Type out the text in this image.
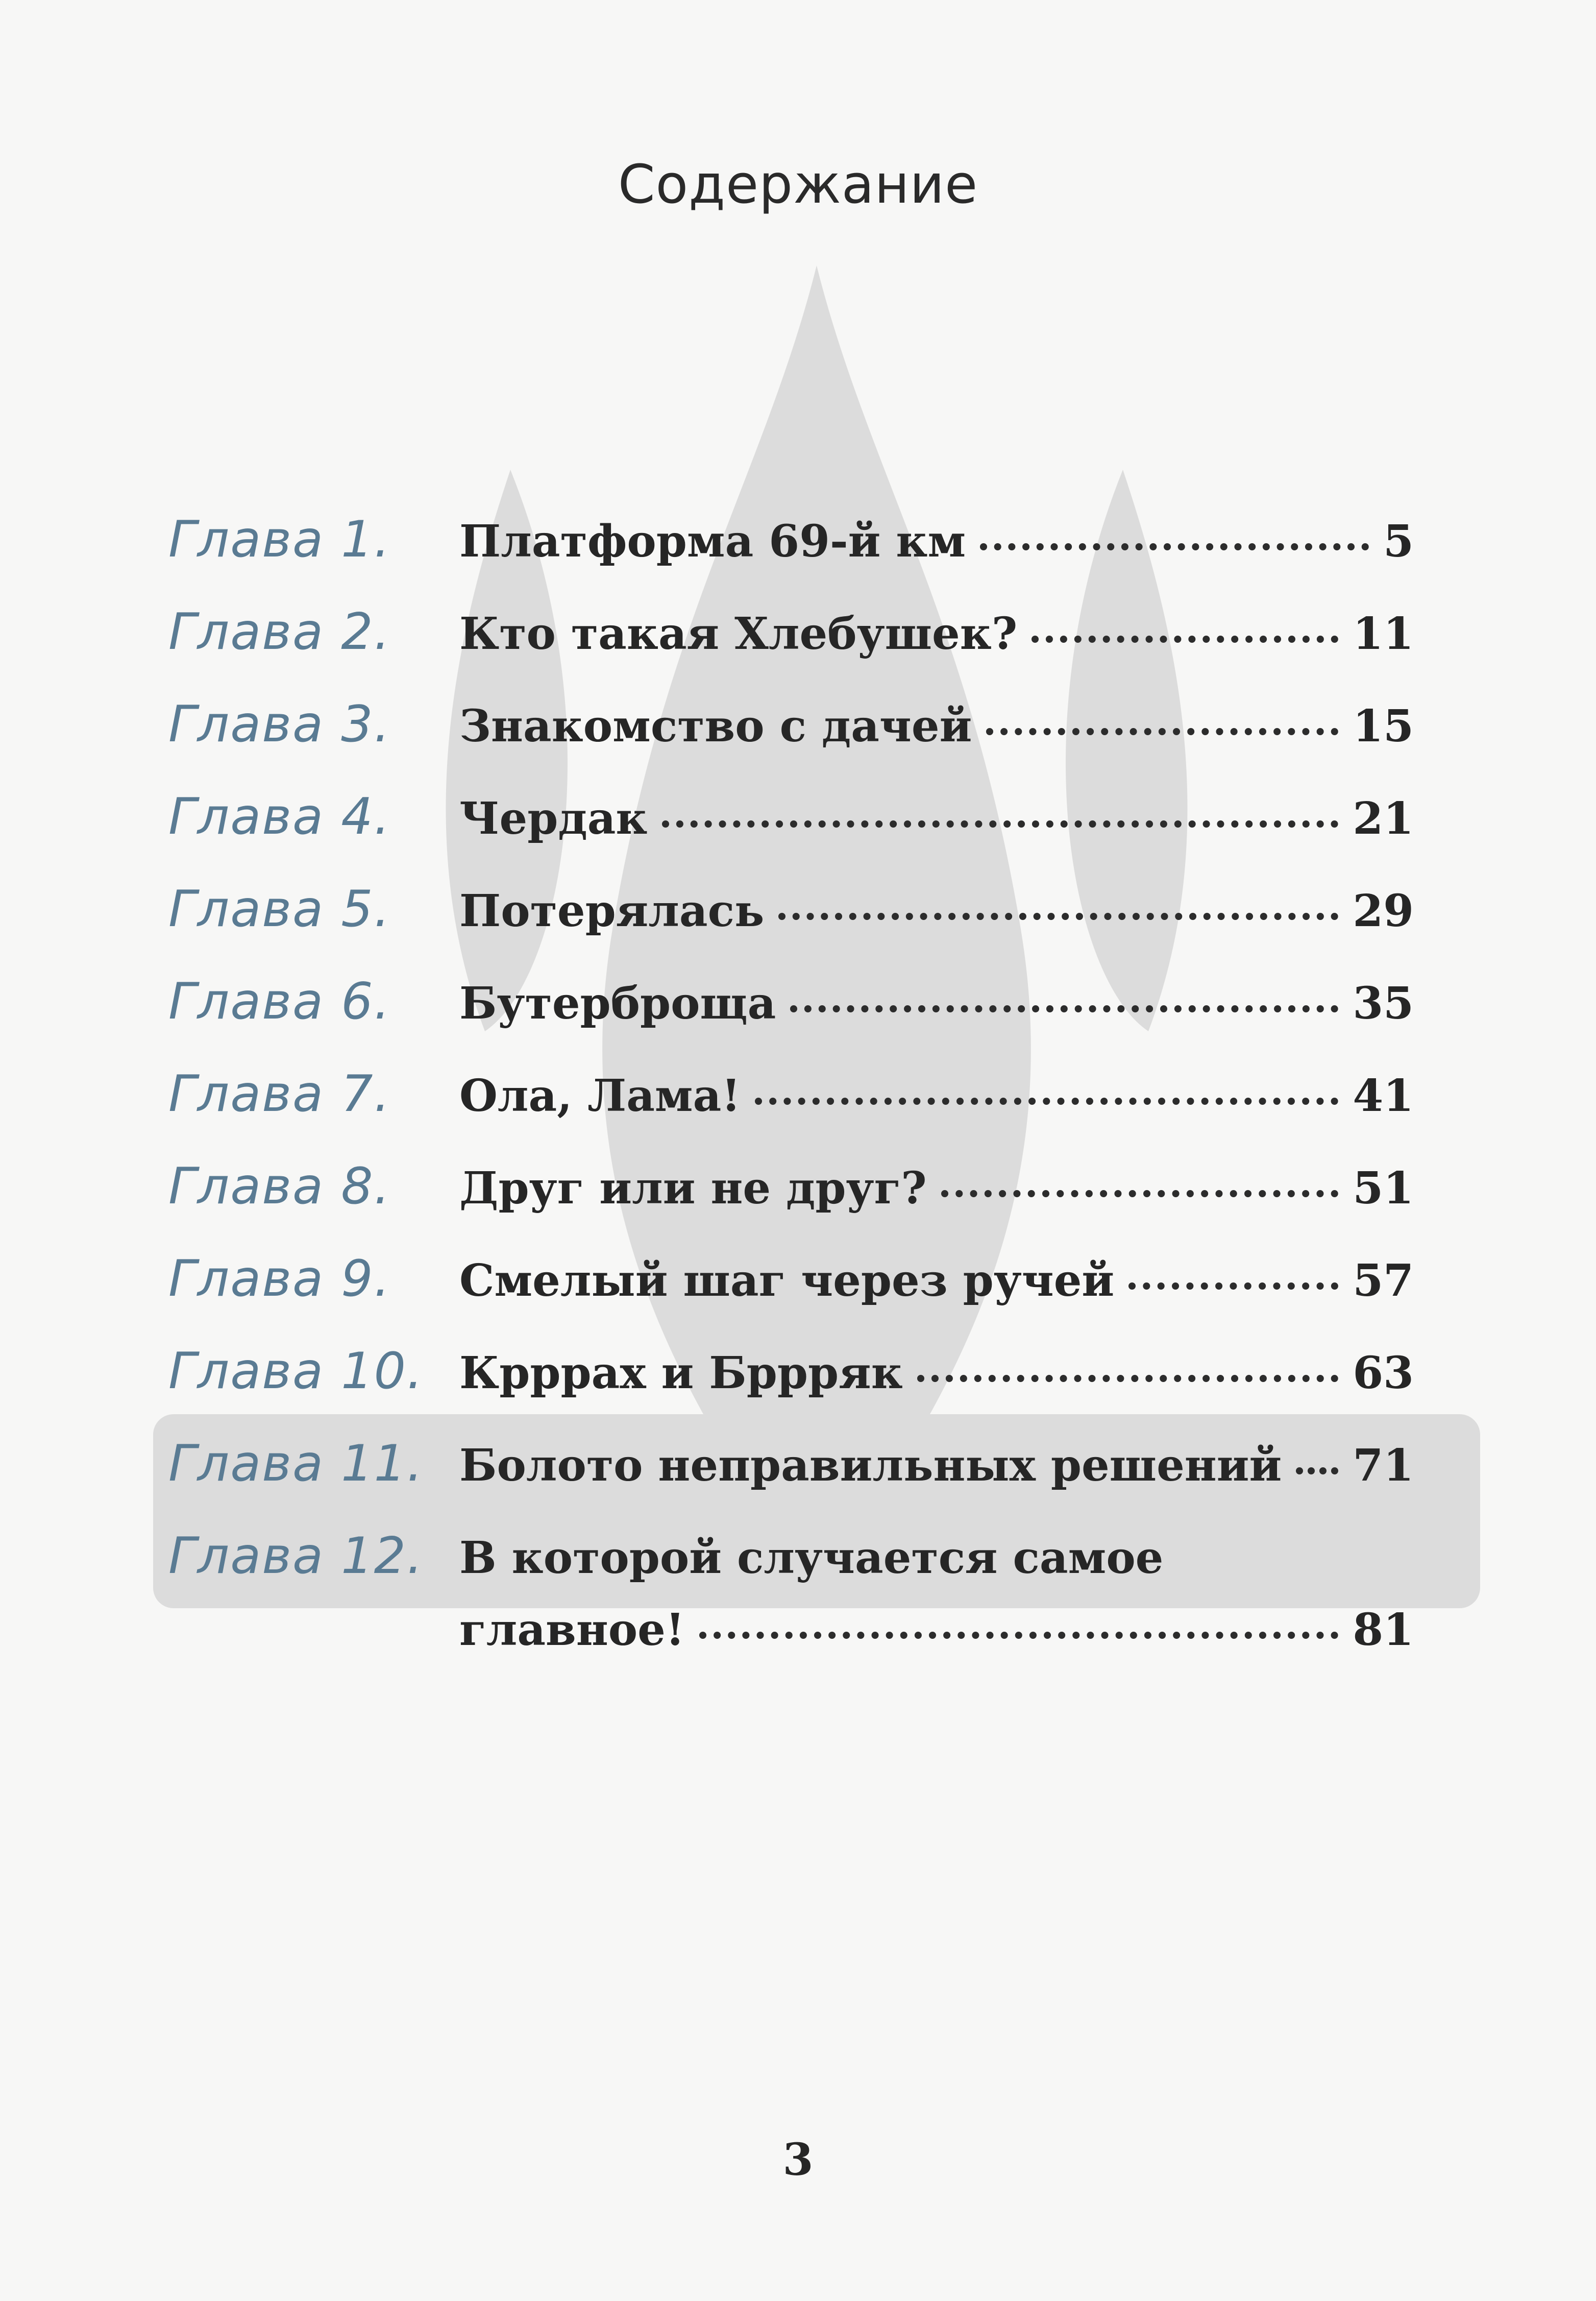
Содержание
Глава 1.	Платформа 69-й км	5
Глава 2.	Кто такая Хлебушек?	11
Глава 3.	Знакомство с дачей	15
Глава 4.	Чердак	21
Глава 5.	Потерялась	29
Глава 6.	Бутерброща	35
Глава 7.	Ола, Лама!	41
Глава 8.	Друг или не друг?	51
Глава 9.	Смелый шаг через ручей	57
Глава 10. Крррах и Бррряк	63
Глава 11. Болото неправильных решений 71
Глава 12. В которой случается самое
главное!	81
3
